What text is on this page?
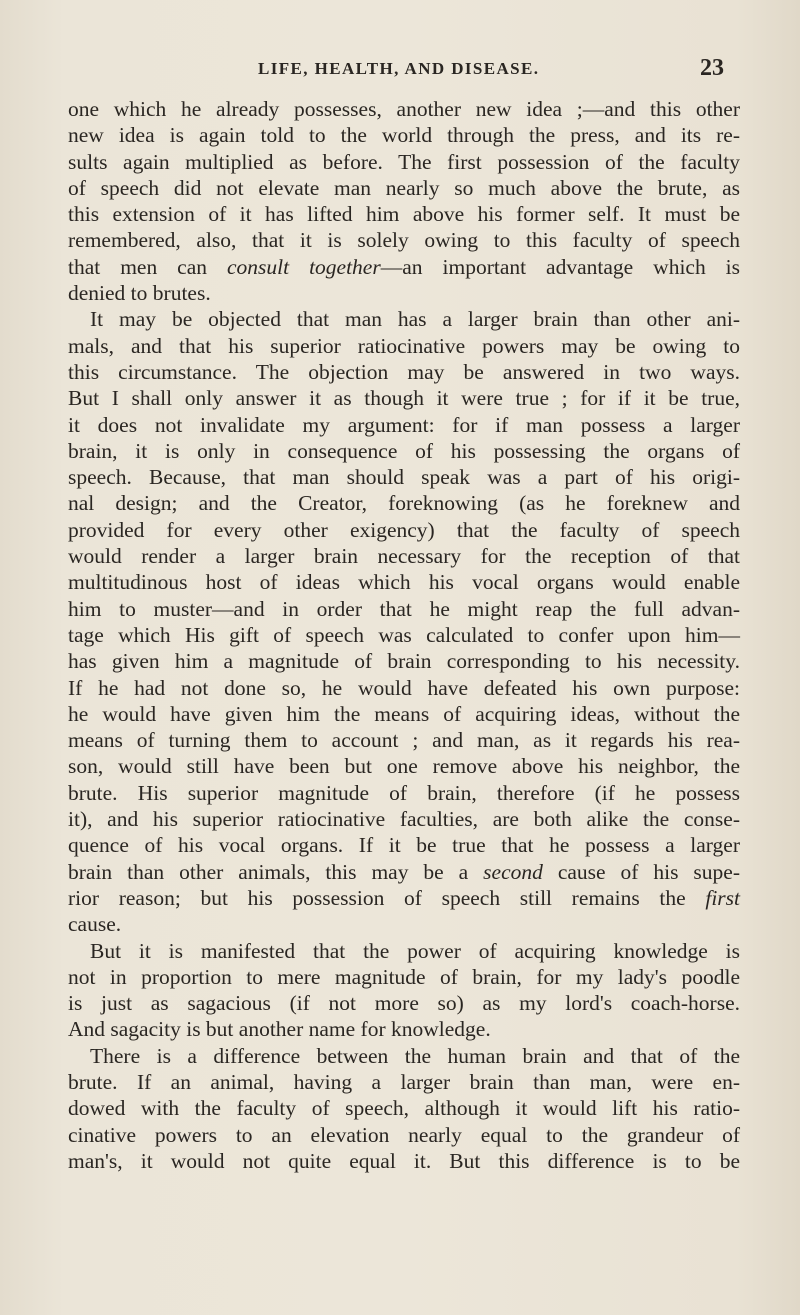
LIFE, HEALTH, AND DISEASE.	23

one which he already possesses, another new idea ;—and this other

new idea is again told to the world through the press, and its re-

sults again multiplied as before. The first possession of the faculty

of speech did not elevate man nearly so much above the brute, as

this extension of it has lifted him above his former self. It must be

remembered, also, that it is solely owing to this faculty of speech

that men can consult together—an important advantage which is

denied to brutes.

It may be objected that man has a larger brain than other ani-

mals, and that his superior ratiocinative powers may be owing to

this circumstance. The objection may be answered in two ways.

But I shall only answer it as though it were true ; for if it be true,

it does not invalidate my argument: for if man possess a larger

brain, it is only in consequence of his possessing the organs of

speech. Because, that man should speak was a part of his origi-

nal design; and the Creator, foreknowing (as he foreknew and

provided for every other exigency) that the faculty of speech

would render a larger brain necessary for the reception of that

multitudinous host of ideas which his vocal organs would enable

him to muster—and in order that he might reap the full advan-

tage which His gift of speech was calculated to confer upon him—

has given him a magnitude of brain corresponding to his necessity.

If he had not done so, he would have defeated his own purpose:

he would have given him the means of acquiring ideas, without the

means of turning them to account ; and man, as it regards his rea-

son, would still have been but one remove above his neighbor, the

brute. His superior magnitude of brain, therefore (if he possess

it), and his superior ratiocinative faculties, are both alike the conse-

quence of his vocal organs. If it be true that he possess a larger

brain than other animals, this may be a second cause of his supe-

rior reason; but his possession of speech still remains the first

cause.

But it is manifested that the power of acquiring knowledge is

not in proportion to mere magnitude of brain, for my lady's poodle

is just as sagacious (if not more so) as my lord's coach-horse.

And sagacity is but another name for knowledge.

There is a difference between the human brain and that of the

brute. If an animal, having a larger brain than man, were en-

dowed with the faculty of speech, although it would lift his ratio-

cinative powers to an elevation nearly equal to the grandeur of

man's, it would not quite equal it. But this difference is to be
